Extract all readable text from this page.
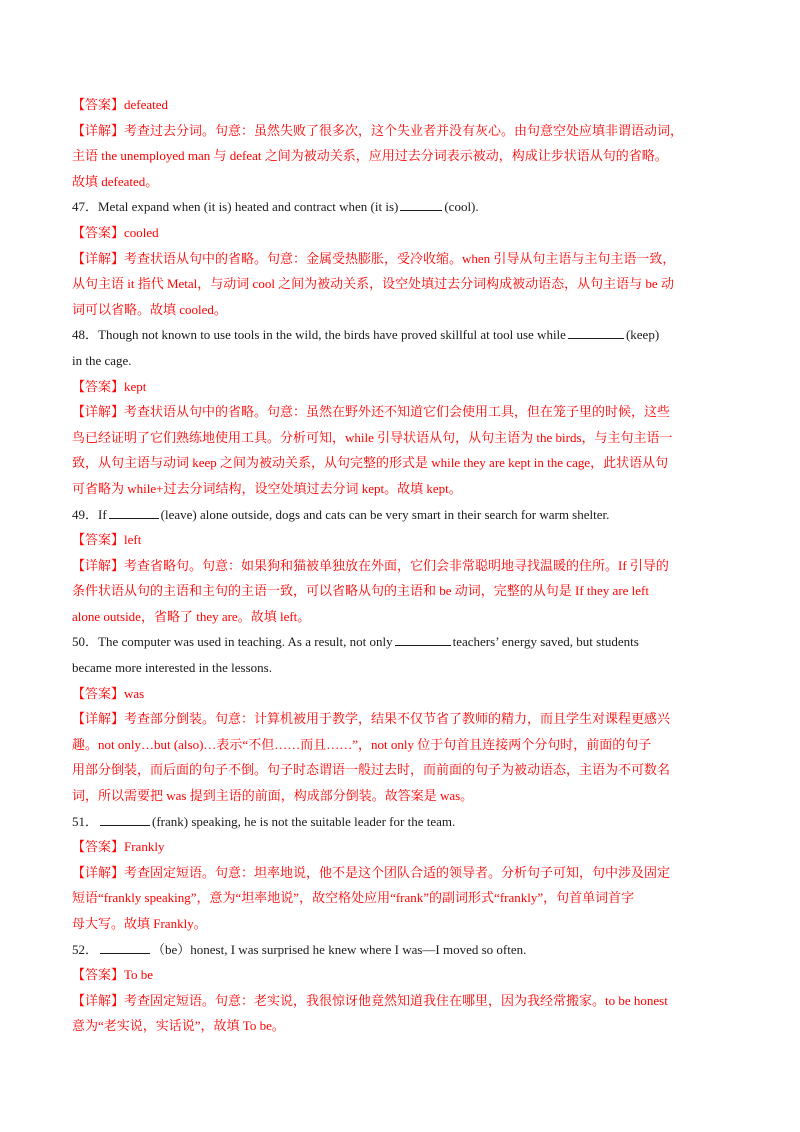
【答案】defeated
【详解】考查过去分词。句意：虽然失败了很多次，这个失业者并没有灰心。由句意空处应填非谓语动词，
主语 the unemployed man 与 defeat 之间为被动关系，应用过去分词表示被动，构成让步状语从句的省略。
故填 defeated。
47．Metal expand when (it is) heated and contract when (it is)	(cool).
【答案】cooled
【详解】考查状语从句中的省略。句意：金属受热膨胀，受冷收缩。when 引导从句主语与主句主语一致，
从句主语 it 指代 Metal，与动词 cool 之间为被动关系，设空处填过去分词构成被动语态，从句主语与 be 动
词可以省略。故填 cooled。
48．Though not known to use tools in the wild, the birds have proved skillful at tool use while	(keep)
in the cage.
【答案】kept
【详解】考查状语从句中的省略。句意：虽然在野外还不知道它们会使用工具，但在笼子里的时候，这些
鸟已经证明了它们熟练地使用工具。分析可知，while 引导状语从句，从句主语为 the birds，与主句主语一
致，从句主语与动词 keep 之间为被动关系，从句完整的形式是 while they are kept in the cage，此状语从句
可省略为 while+过去分词结构，设空处填过去分词 kept。故填 kept。
49．If	(leave) alone outside, dogs and cats can be very smart in their search for warm shelter.
【答案】left
【详解】考查省略句。句意：如果狗和猫被单独放在外面，它们会非常聪明地寻找温暖的住所。If 引导的
条件状语从句的主语和主句的主语一致，可以省略从句的主语和 be 动词，完整的从句是 If they are left
alone outside，省略了 they are。故填 left。
50．The computer was used in teaching. As a result, not only	teachers’ energy saved, but students
became more interested in the lessons.
【答案】was
【详解】考查部分倒装。句意：计算机被用于教学，结果不仅节省了教师的精力，而且学生对课程更感兴
趣。not only…but (also)…表示“不但……而且……”，not only 位于句首且连接两个分句时，前面的句子
用部分倒装，而后面的句子不倒。句子时态谓语一般过去时，而前面的句子为被动语态，主语为不可数名
词，所以需要把 was 提到主语的前面，构成部分倒装。故答案是 was。
51．	(frank) speaking, he is not the suitable leader for the team.
【答案】Frankly
【详解】考查固定短语。句意：坦率地说，他不是这个团队合适的领导者。分析句子可知，句中涉及固定
短语“frankly speaking”，意为“坦率地说”，故空格处应用“frank”的副词形式“frankly”，句首单词首字
母大写。故填 Frankly。
52．	（be）honest, I was surprised he knew where I was—I moved so often.
【答案】To be
【详解】考查固定短语。句意：老实说，我很惊讶他竟然知道我住在哪里，因为我经常搬家。to be honest
意为“老实说，实话说”，故填 To be。
